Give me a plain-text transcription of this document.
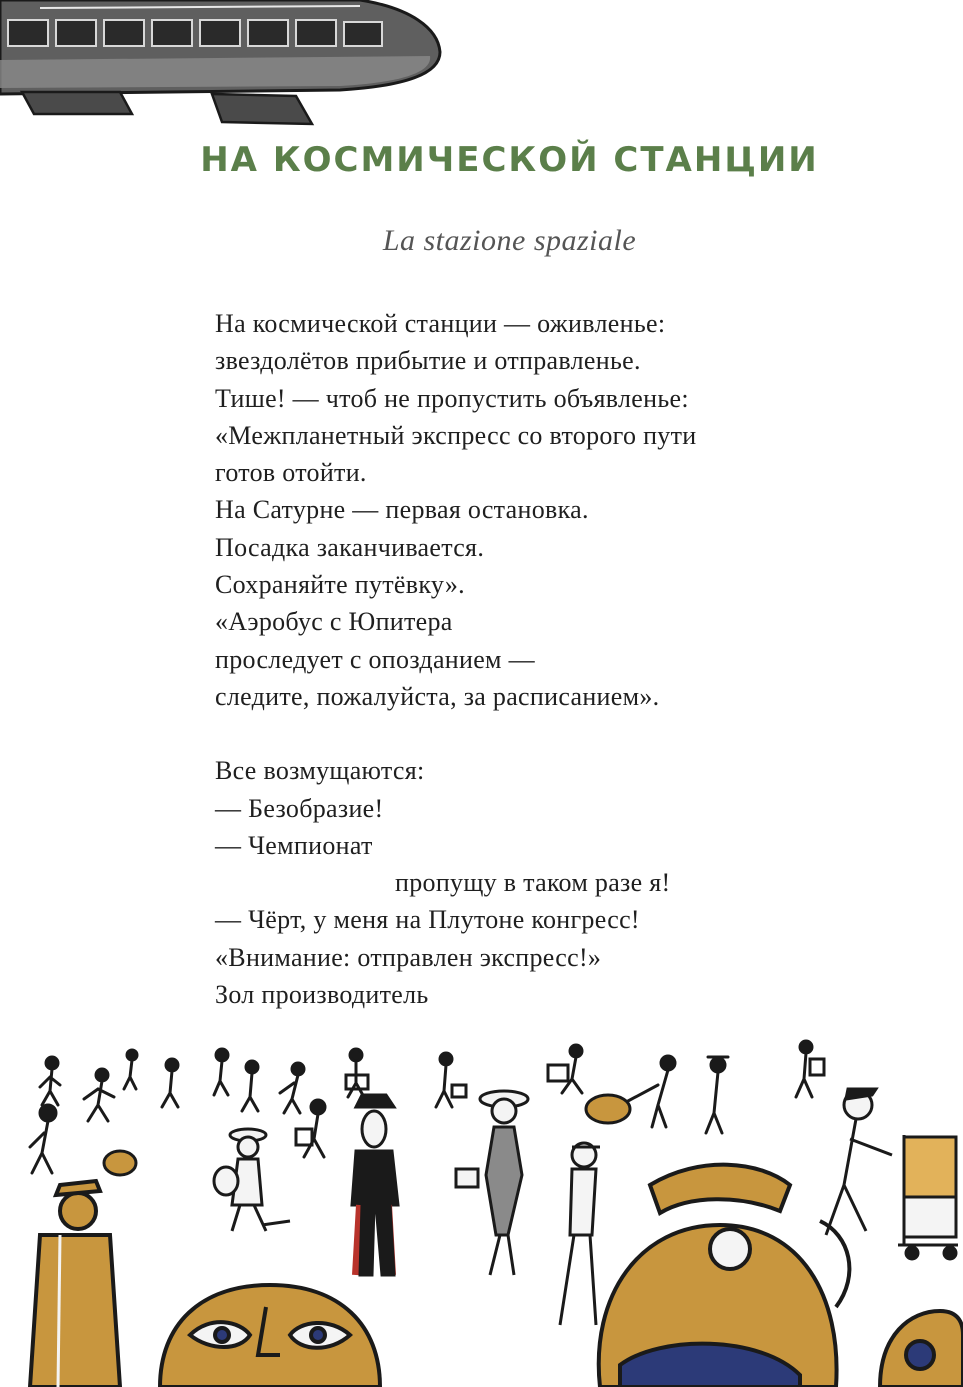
НА КОСМИЧЕСКОЙ СТАНЦИИ
La stazione spaziale

На космической станции — оживленье:
звездолётов прибытие и отправленье.
Тише! — чтоб не пропустить объявленье:
«Межпланетный экспресс со второго пути
готов отойти.
На Сатурне — первая остановка.
Посадка заканчивается.
Сохраняйте путёвку».
«Аэробус с Юпитера
проследует с опозданием —
следите, пожалуйста, за расписанием».

Все возмущаются:
— Безобразие!
— Чемпионат
пропущу в таком разе я!
— Чёрт, у меня на Плутоне конгресс!
«Внимание: отправлен экспресс!»
Зол производитель
